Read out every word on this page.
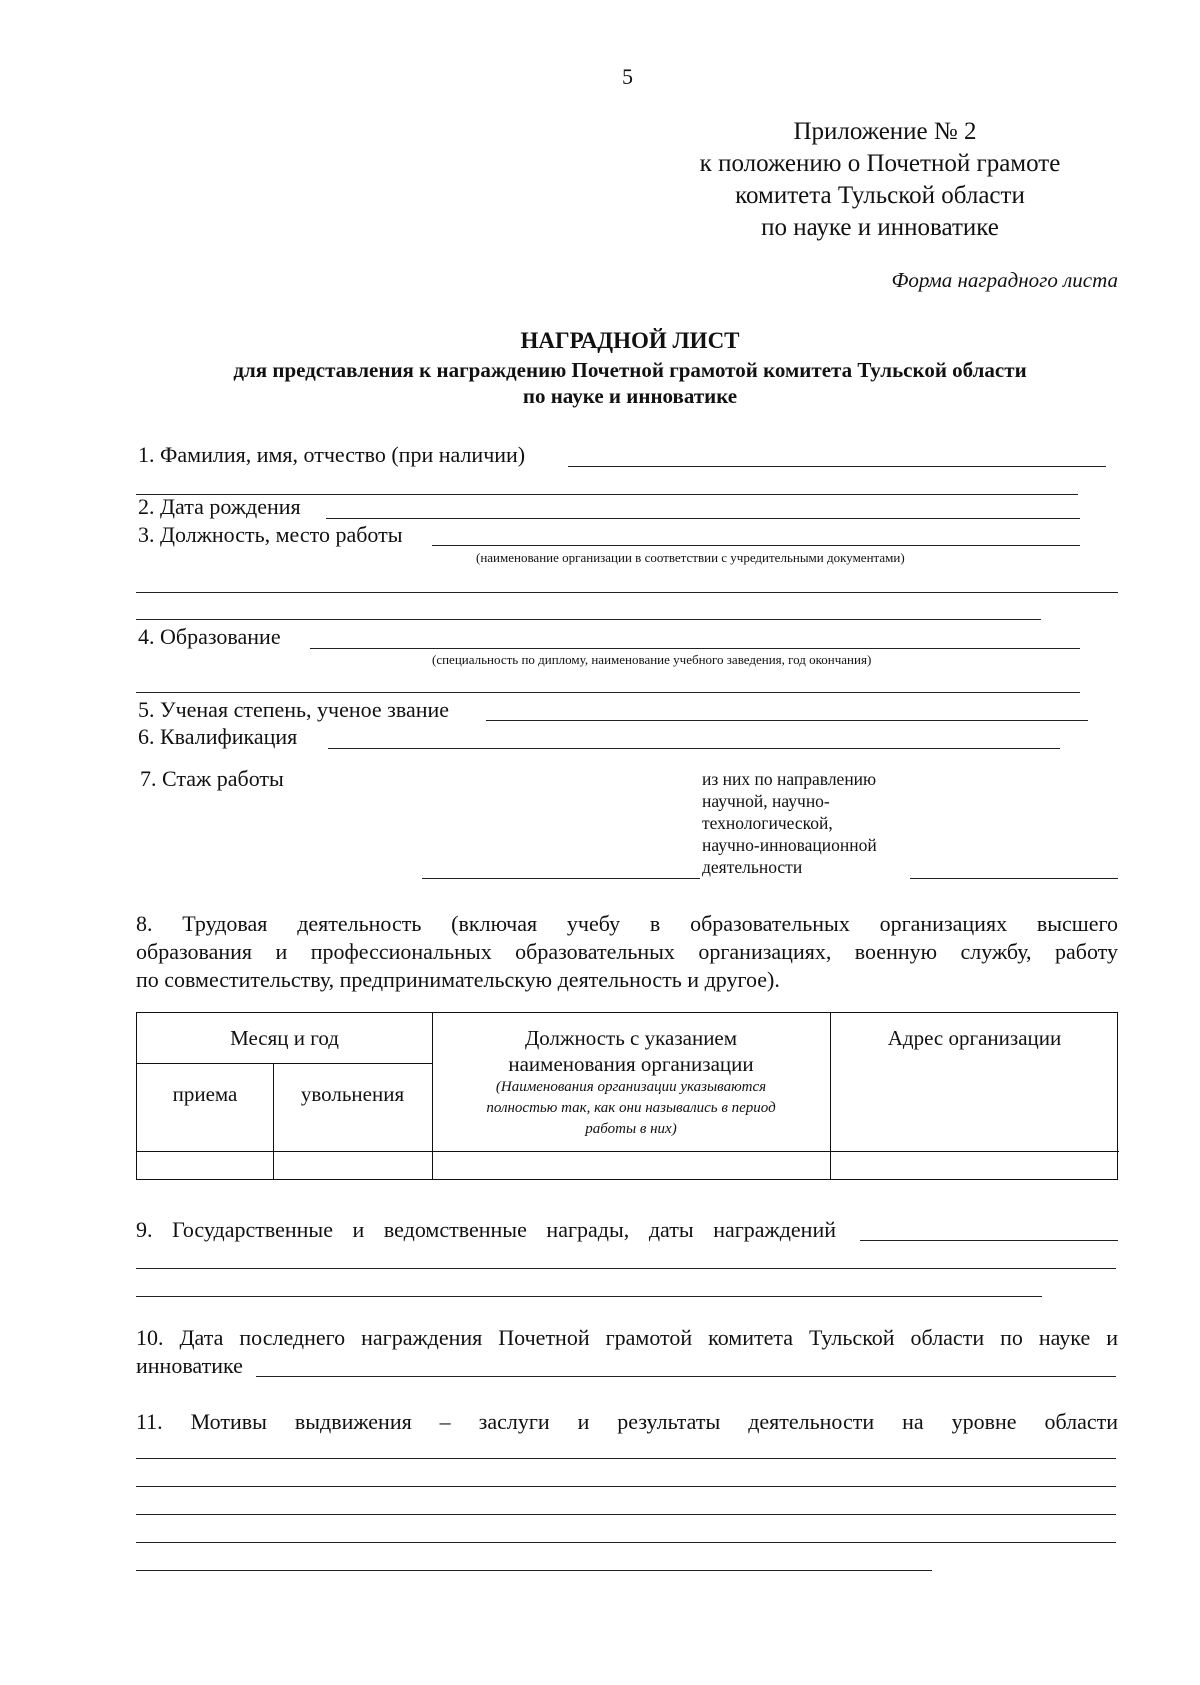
5
Приложение № 2
к положению о Почетной грамоте
комитета Тульской области
по науке и инноватике
Форма наградного листа
НАГРАДНОЙ ЛИСТ
для представления к награждению Почетной грамотой комитета Тульской области
по науке и инноватике
1. Фамилия, имя, отчество (при наличии)
2. Дата рождения
3. Должность, место работы
(наименование организации в соответствии с учредительными документами)
4. Образование
(специальность по диплому, наименование учебного заведения, год окончания)
5. Ученая степень, ученое звание
6. Квалификация
7. Стаж работы	из них по направлению
научной, научно-
технологической,
научно-инновационной
деятельности
8. Трудовая деятельность (включая учебу в образовательных организациях высшего
образования и профессиональных образовательных организациях, военную службу, работу
по совместительству, предпринимательскую деятельность и другое).
Месяц и год
приема	увольнения
Должность с указанием
наименования организации
(Наименования организации указываются
полностью так, как они назывались в период
работы в них)
Адрес организации
9. Государственные и ведомственные награды, даты награждений
10. Дата последнего награждения Почетной грамотой комитета Тульской области по науке и
инноватике
11. Мотивы выдвижения – заслуги и результаты деятельности на уровне области
